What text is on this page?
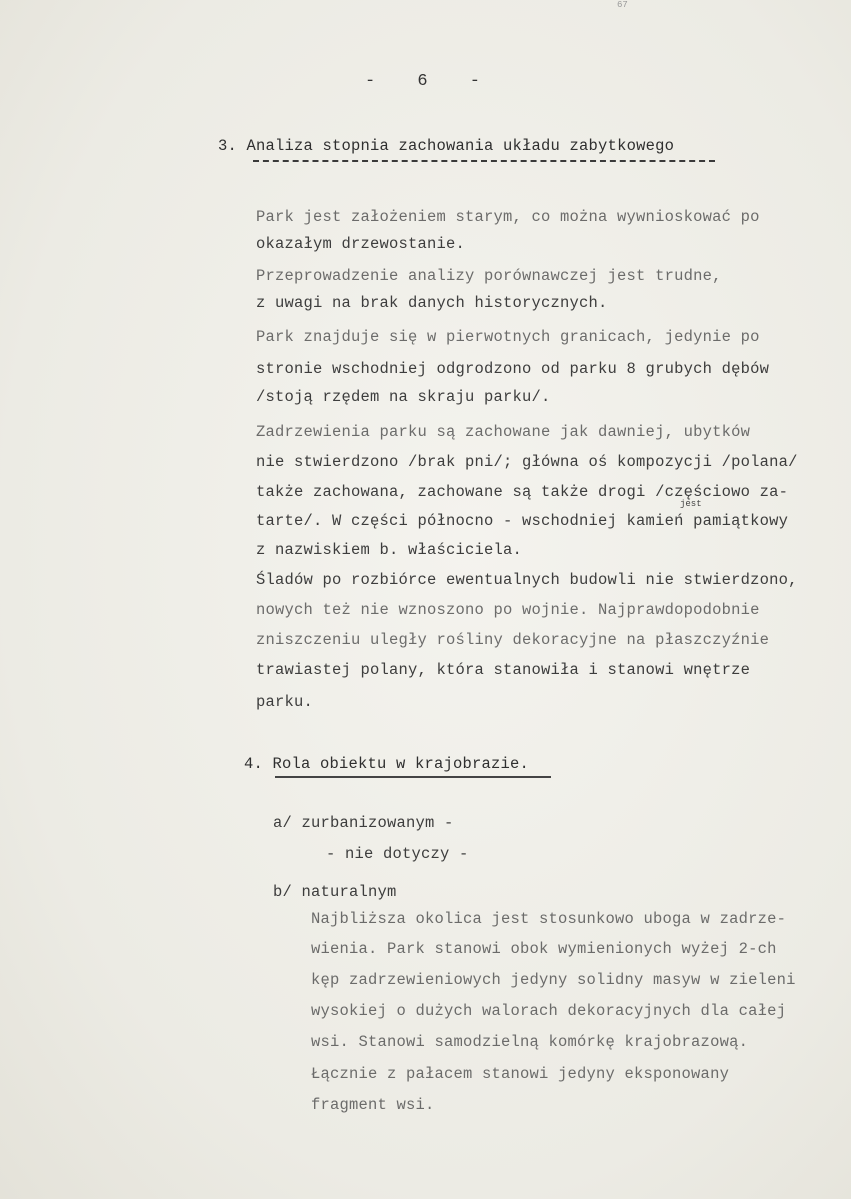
67
- 6 -
3. Analiza stopnia zachowania układu zabytkowego
Park jest założeniem starym, co można wywnioskować po
okazałym drzewostanie.
Przeprowadzenie analizy porównawczej jest trudne,
z uwagi na brak danych historycznych.
Park znajduje się w pierwotnych granicach, jedynie po
stronie wschodniej odgrodzono od parku 8 grubych dębów
/stoją rzędem na skraju parku/.
Zadrzewienia parku są zachowane jak dawniej, ubytków
nie stwierdzono /brak pni/; główna oś kompozycji /polana/
także zachowana, zachowane są także drogi /częściowo za-
jest
tarte/. W części północno - wschodniej kamień pamiątkowy
z nazwiskiem b. właściciela.
Śladów po rozbiórce ewentualnych budowli nie stwierdzono,
nowych też nie wznoszono po wojnie. Najprawdopodobnie
zniszczeniu uległy rośliny dekoracyjne na płaszczyźnie
trawiastej polany, która stanowiła i stanowi wnętrze
parku.
4. Rola obiektu w krajobrazie.
a/ zurbanizowanym -
- nie dotyczy -
b/ naturalnym
Najbliższa okolica jest stosunkowo uboga w zadrze-
wienia. Park stanowi obok wymienionych wyżej 2-ch
kęp zadrzewieniowych jedyny solidny masyw w zieleni
wysokiej o dużych walorach dekoracyjnych dla całej
wsi. Stanowi samodzielną komórkę krajobrazową.
Łącznie z pałacem stanowi jedyny eksponowany
fragment wsi.
